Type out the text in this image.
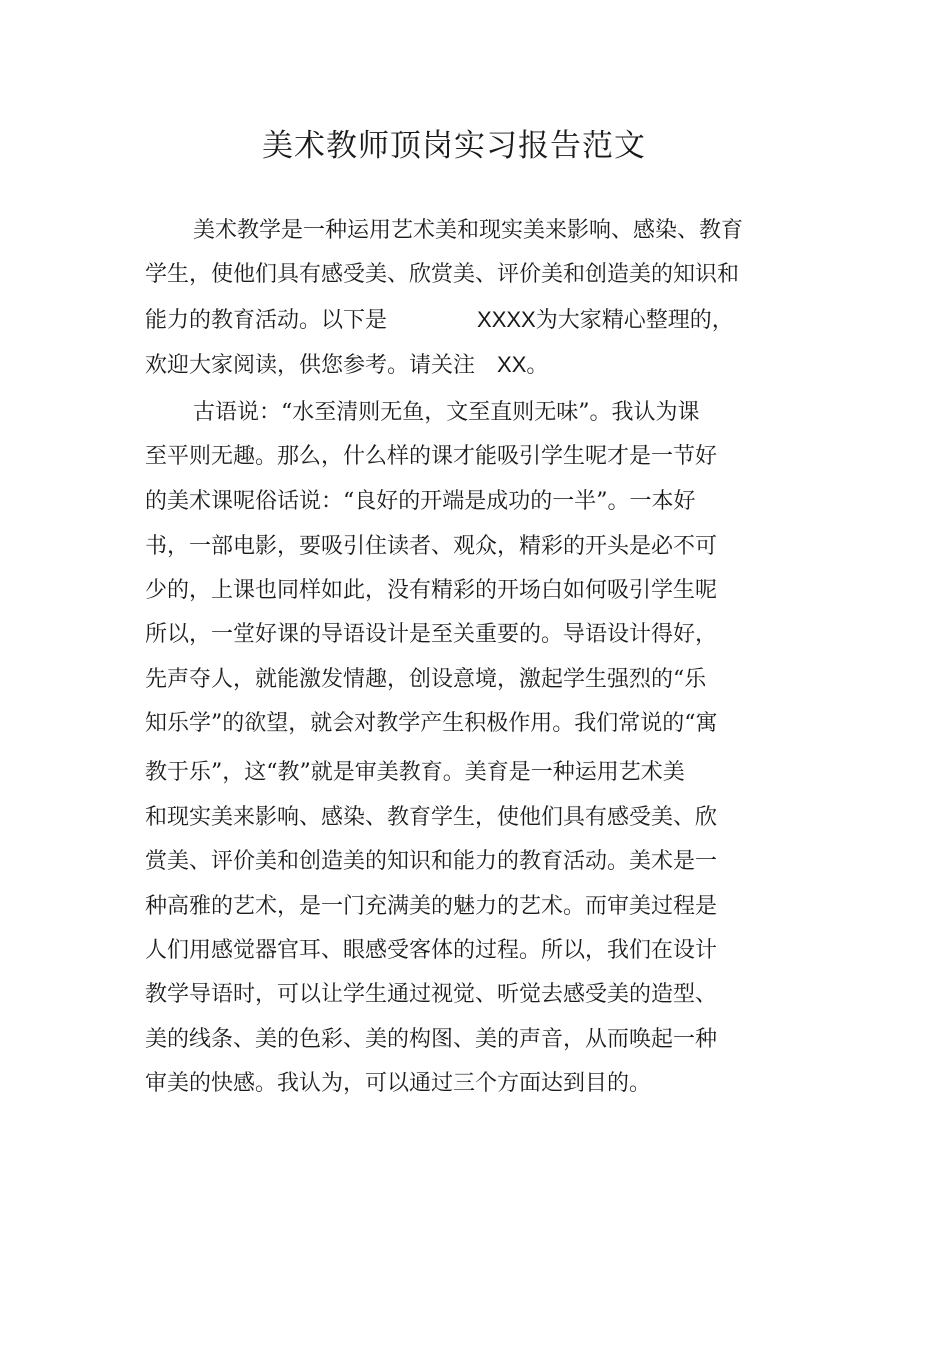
美术教师顶岗实习报告范文
美术教学是一种运用艺术美和现实美来影响、感染、教育
学生，使他们具有感受美、欣赏美、评价美和创造美的知识和
能力的教育活动。以下是	XXXX为大家精心整理的，
欢迎大家阅读，供您参考。请关注 XX。
古语说：“水至清则无鱼，文至直则无味”。我认为课
至平则无趣。那么，什么样的课才能吸引学生呢才是一节好
的美术课呢俗话说：“良好的开端是成功的一半”。一本好
书，一部电影，要吸引住读者、观众，精彩的开头是必不可
少的，上课也同样如此，没有精彩的开场白如何吸引学生呢
所以，一堂好课的导语设计是至关重要的。导语设计得好，
先声夺人，就能激发情趣，创设意境，激起学生强烈的“乐
知乐学”的欲望，就会对教学产生积极作用。我们常说的“寓
教于乐”，这“教”就是审美教育。美育是一种运用艺术美
和现实美来影响、感染、教育学生，使他们具有感受美、欣
赏美、评价美和创造美的知识和能力的教育活动。美术是一
种高雅的艺术，是一门充满美的魅力的艺术。而审美过程是
人们用感觉器官耳、眼感受客体的过程。所以，我们在设计
教学导语时，可以让学生通过视觉、听觉去感受美的造型、
美的线条、美的色彩、美的构图、美的声音，从而唤起一种
审美的快感。我认为，可以通过三个方面达到目的。
